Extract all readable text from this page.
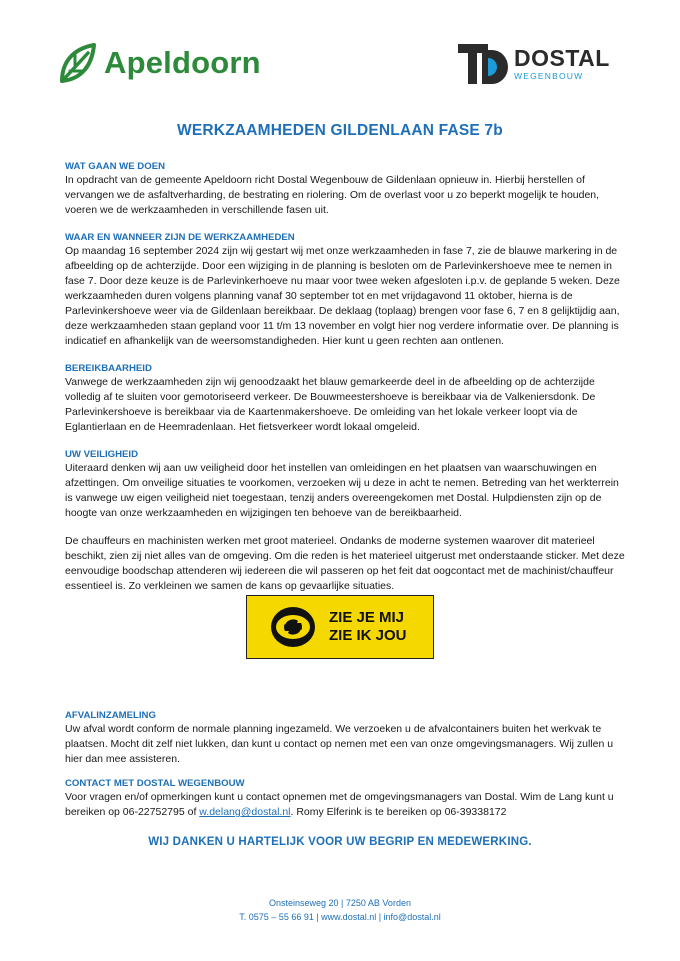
Apeldoorn	DOSTAL
WEGENBOUW
WERKZAAMHEDEN GILDENLAAN FASE 7b

WAT GAAN WE DOEN

In opdracht van de gemeente Apeldoorn richt Dostal Wegenbouw de Gildenlaan opnieuw in. Hierbij herstellen of vervangen we de asfaltverharding, de bestrating en riolering. Om de overlast voor u zo beperkt mogelijk te houden, voeren we de werkzaamheden in verschillende fasen uit.

WAAR EN WANNEER ZIJN DE WERKZAAMHEDEN

Op maandag 16 september 2024 zijn wij gestart wij met onze werkzaamheden in fase 7, zie de blauwe markering in de afbeelding op de achterzijde. Door een wijziging in de planning is besloten om de Parlevinkershoeve mee te nemen in fase 7. Door deze keuze is de Parlevinkerhoeve nu maar voor twee weken afgesloten i.p.v. de geplande 5 weken. Deze werkzaamheden duren volgens planning vanaf 30 september tot en met vrijdagavond 11 oktober, hierna is de Parlevinkershoeve weer via de Gildenlaan bereikbaar. De deklaag (toplaag) brengen voor fase 6, 7 en 8 gelijktijdig aan, deze werkzaamheden staan gepland voor 11 t/m 13 november en volgt hier nog verdere informatie over. De planning is indicatief en afhankelijk van de weersomstandigheden. Hier kunt u geen rechten aan ontlenen.

BEREIKBAARHEID

Vanwege de werkzaamheden zijn wij genoodzaakt het blauw gemarkeerde deel in de afbeelding op de achterzijde volledig af te sluiten voor gemotoriseerd verkeer. De Bouwmeestershoeve is bereikbaar via de Valkeniersdonk. De Parlevinkershoeve is bereikbaar via de Kaartenmakershoeve. De omleiding van het lokale verkeer loopt via de Eglantierlaan en de Heemradenlaan. Het fietsverkeer wordt lokaal omgeleid.

UW VEILIGHEID

Uiteraard denken wij aan uw veiligheid door het instellen van omleidingen en het plaatsen van waarschuwingen en afzettingen. Om onveilige situaties te voorkomen, verzoeken wij u deze in acht te nemen. Betreding van het werkterrein is vanwege uw eigen veiligheid niet toegestaan, tenzij anders overeengekomen met Dostal. Hulpdiensten zijn op de hoogte van onze werkzaamheden en wijzigingen ten behoeve van de bereikbaarheid.

De chauffeurs en machinisten werken met groot materieel. Ondanks de moderne systemen waarover dit materieel beschikt, zien zij niet alles van de omgeving. Om die reden is het materieel uitgerust met onderstaande sticker. Met deze eenvoudige boodschap attenderen wij iedereen die wil passeren op het feit dat oogcontact met de machinist/chauffeur essentieel is. Zo verkleinen we samen de kans op gevaarlijke situaties.

ZIE JE MIJ
ZIE IK JOU

AFVALINZAMELING

Uw afval wordt conform de normale planning ingezameld. We verzoeken u de afvalcontainers buiten het werkvak te plaatsen. Mocht dit zelf niet lukken, dan kunt u contact op nemen met een van onze omgevingsmanagers. Wij zullen u hier dan mee assisteren.

CONTACT MET DOSTAL WEGENBOUW

Voor vragen en/of opmerkingen kunt u contact opnemen met de omgevingsmanagers van Dostal. Wim de Lang kunt u bereiken op 06-22752795 of w.delang@dostal.nl. Romy Elferink is te bereiken op 06-39338172

WIJ DANKEN U HARTELIJK VOOR UW BEGRIP EN MEDEWERKING.
Onsteinseweg 20 | 7250 AB Vorden
T. 0575 – 55 66 91 | www.dostal.nl | info@dostal.nl
